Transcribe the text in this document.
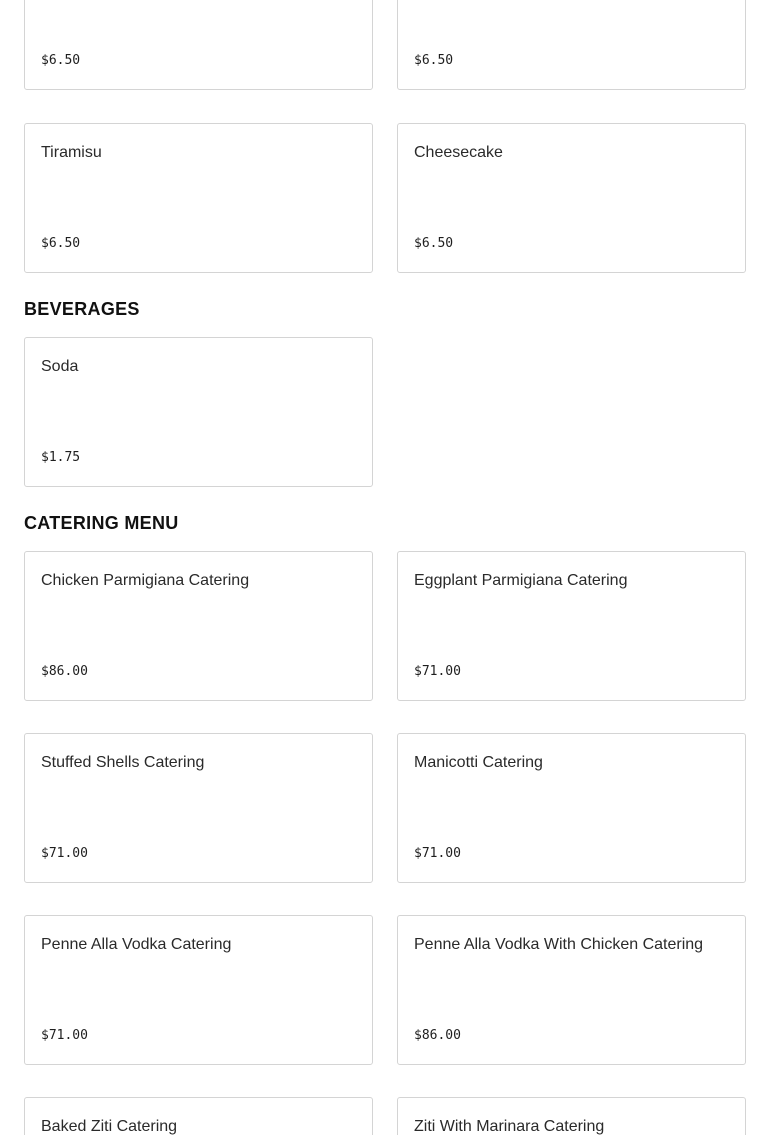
$6.50	$6.50
Tiramisu
$6.50
Cheesecake
$6.50
BEVERAGES
Soda
$1.75
CATERING MENU
Chicken Parmigiana Catering
$86.00
Eggplant Parmigiana Catering
$71.00
Stuffed Shells Catering
$71.00
Manicotti Catering
$71.00
Penne Alla Vodka Catering
$71.00
Penne Alla Vodka With Chicken Catering
$86.00
Baked Ziti Catering	Ziti With Marinara Catering
